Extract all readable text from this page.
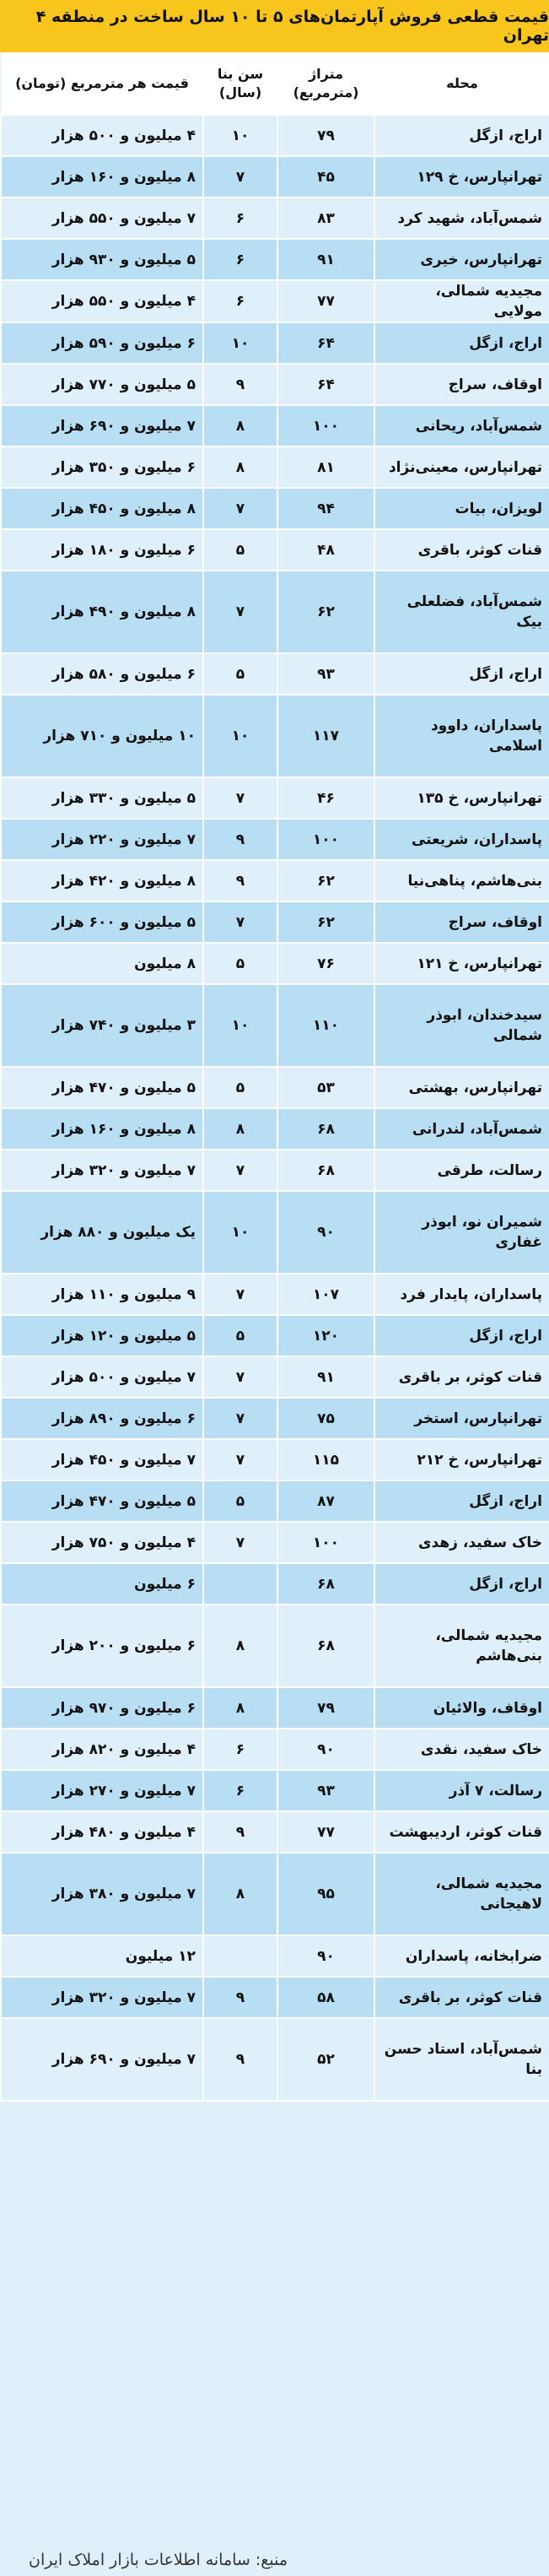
قیمت قطعی فروش آپارتمان‌های ۵ تا ۱۰ سال ساخت در منطقه ۴ تهران
محله	متراژ (مترمربع)	سن بنا (سال)	قیمت هر مترمربع (تومان)
اراج، ازگل	۷۹	۱۰	۴ میلیون و ۵۰۰ هزار
تهرانپارس، خ ۱۲۹	۴۵	۷	۸ میلیون و ۱۶۰ هزار
شمس‌آباد، شهید کرد	۸۳	۶	۷ میلیون و ۵۵۰ هزار
تهرانپارس، خیری	۹۱	۶	۵ میلیون و ۹۳۰ هزار
مجیدیه شمالی، مولایی	۷۷	۶	۴ میلیون و ۵۵۰ هزار
اراج، ازگل	۶۴	۱۰	۶ میلیون و ۵۹۰ هزار
اوقاف، سراج	۶۴	۹	۵ میلیون و ۷۷۰ هزار
شمس‌آباد، ریحانی	۱۰۰	۸	۷ میلیون و ۶۹۰ هزار
تهرانپارس، معینی‌نژاد	۸۱	۸	۶ میلیون و ۳۵۰ هزار
لویزان، بیات	۹۴	۷	۸ میلیون و ۴۵۰ هزار
قنات کوثر، باقری	۴۸	۵	۶ میلیون و ۱۸۰ هزار
شمس‌آباد، فضلعلی بیک	۶۲	۷	۸ میلیون و ۴۹۰ هزار
اراج، ازگل	۹۳	۵	۶ میلیون و ۵۸۰ هزار
پاسداران، داوود اسلامی	۱۱۷	۱۰	۱۰ میلیون و ۷۱۰ هزار
تهرانپارس، خ ۱۳۵	۴۶	۷	۵ میلیون و ۳۳۰ هزار
پاسداران، شریعتی	۱۰۰	۹	۷ میلیون و ۲۲۰ هزار
بنی‌هاشم، پناهی‌نیا	۶۲	۹	۸ میلیون و ۴۲۰ هزار
اوقاف، سراج	۶۲	۷	۵ میلیون و ۶۰۰ هزار
تهرانپارس، خ ۱۲۱	۷۶	۵	۸ میلیون
سیدخندان، ابوذر شمالی	۱۱۰	۱۰	۳ میلیون و ۷۴۰ هزار
تهرانپارس، بهشتی	۵۳	۵	۵ میلیون و ۴۷۰ هزار
شمس‌آباد، لندرانی	۶۸	۸	۸ میلیون و ۱۶۰ هزار
رسالت، طرقی	۶۸	۷	۷ میلیون و ۳۲۰ هزار
شمیران نو، ابوذر غفاری	۹۰	۱۰	یک میلیون و ۸۸۰ هزار
پاسداران، پایدار فرد	۱۰۷	۷	۹ میلیون و ۱۱۰ هزار
اراج، ازگل	۱۲۰	۵	۵ میلیون و ۱۲۰ هزار
قنات کوثر، بر باقری	۹۱	۷	۷ میلیون و ۵۰۰ هزار
تهرانپارس، استخر	۷۵	۷	۶ میلیون و ۸۹۰ هزار
تهرانپارس، خ ۲۱۲	۱۱۵	۷	۷ میلیون و ۴۵۰ هزار
اراج، ازگل	۸۷	۵	۵ میلیون و ۴۷۰ هزار
خاک سفید، زهدی	۱۰۰	۷	۴ میلیون و ۷۵۰ هزار
اراج، ازگل	۶۸		۶ میلیون
مجیدیه شمالی، بنی‌هاشم	۶۸	۸	۶ میلیون و ۲۰۰ هزار
اوقاف، والائیان	۷۹	۸	۶ میلیون و ۹۷۰ هزار
خاک سفید، نقدی	۹۰	۶	۴ میلیون و ۸۲۰ هزار
رسالت، ۷ آذر	۹۳	۶	۷ میلیون و ۲۷۰ هزار
قنات کوثر، اردیبهشت	۷۷	۹	۴ میلیون و ۴۸۰ هزار
مجیدیه شمالی، لاهیجانی	۹۵	۸	۷ میلیون و ۳۸۰ هزار
ضرابخانه، پاسداران	۹۰		۱۲ میلیون
قنات کوثر، بر باقری	۵۸	۹	۷ میلیون و ۳۲۰ هزار
شمس‌آباد، استاد حسن بنا	۵۲	۹	۷ میلیون و ۶۹۰ هزار
منبع: سامانه اطلاعات بازار املاک ایران
